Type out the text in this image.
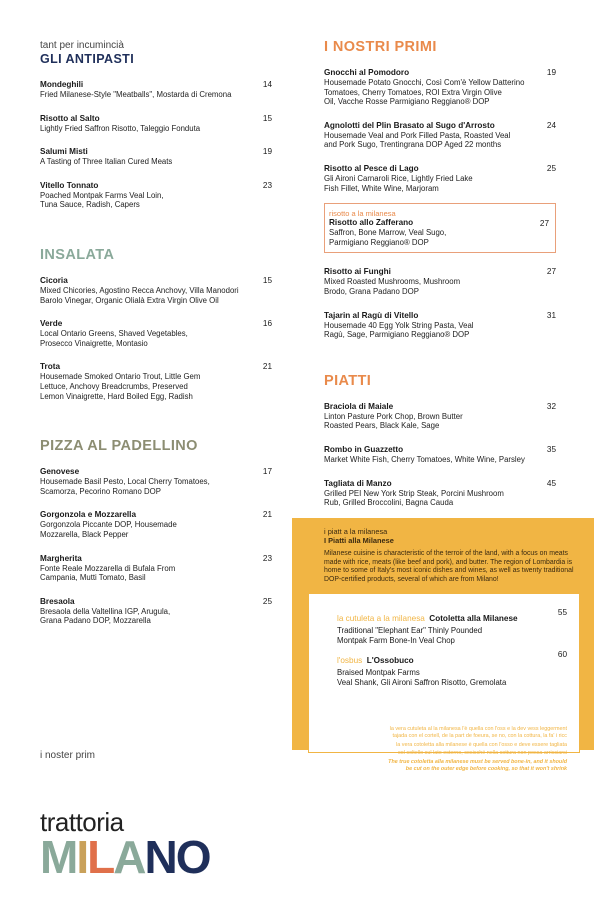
tant per incumincià
GLI ANTIPASTI
Mondeghili
Fried Milanese-Style "Meatballs", Mostarda di Cremona
14
Risotto al Salto
Lightly Fried Saffron Risotto, Taleggio Fonduta
15
Salumi Misti
A Tasting of Three Italian Cured Meats
19
Vitello Tonnato
Poached Montpak Farms Veal Loin,
Tuna Sauce, Radish, Capers
23
INSALATA
Cicoria
Mixed Chicories, Agostino Recca Anchovy, Villa Manodori
Barolo Vinegar, Organic Olialà Extra Virgin Olive Oil
15
Verde
Local Ontario Greens, Shaved Vegetables,
Prosecco Vinaigrette, Montasio
16
Trota
Housemade Smoked Ontario Trout, Little Gem
Lettuce, Anchovy Breadcrumbs, Preserved
Lemon Vinaigrette, Hard Boiled Egg, Radish
21
PIZZA AL PADELLINO
Genovese
Housemade Basil Pesto, Local Cherry Tomatoes,
Scamorza, Pecorino Romano DOP
17
Gorgonzola e Mozzarella
Gorgonzola Piccante DOP, Housemade
Mozzarella, Black Pepper
21
Margherita
Fonte Reale Mozzarella di Bufala From
Campania, Mutti Tomato, Basil
23
Bresaola
Bresaola della Valtellina IGP, Arugula,
Grana Padano DOP, Mozzarella
25
I NOSTRI PRIMI
Gnocchi al Pomodoro
Housemade Potato Gnocchi, Così Com'è Yellow Datterino
Tomatoes, Cherry Tomatoes, ROI Extra Virgin Olive
Oil, Vacche Rosse Parmigiano Reggiano® DOP
19
Agnolotti del Plin Brasato al Sugo d'Arrosto
Housemade Veal and Pork Filled Pasta, Roasted Veal
and Pork Sugo, Trentingrana DOP Aged 22 months
24
Risotto al Pesce di Lago
Gli Aironi Carnaroli Rice, Lightly Fried Lake
Fish Fillet, White Wine, Marjoram
25
risotto a la milanesa
Risotto allo Zafferano
Saffron, Bone Marrow, Veal Sugo,
Parmigiano Reggiano® DOP
27
Risotto ai Funghi
Mixed Roasted Mushrooms, Mushroom
Brodo, Grana Padano DOP
27
Tajarin al Ragù di Vitello
Housemade 40 Egg Yolk String Pasta, Veal
Ragù, Sage, Parmigiano Reggiano® DOP
31
PIATTI
Braciola di Maiale
Linton Pasture Pork Chop, Brown Butter
Roasted Pears, Black Kale, Sage
32
Rombo in Guazzetto
Market White Fish, Cherry Tomatoes, White Wine, Parsley
35
Tagliata di Manzo
Grilled PEI New York Strip Steak, Porcini Mushroom
Rub, Grilled Broccolini, Bagna Cauda
45
i piatt a la milanesa
I Piatti alla Milanese
Milanese cuisine is characteristic of the terroir of the land, with a focus on meats
made with rice, meats (like beef and pork), and butter. The region of Lombardia is
home to some of Italy's most iconic dishes and wines, as well as twenty traditional
DOP-certified products, several of which are from Milano!
la cutuleta a la milanesa Cotoletta alla Milanese
Traditional "Elephant Ear" Thinly Pounded
Montpak Farm Bone-In Veal Chop
55
l'osbus L'Ossobuco
Braised Montpak Farms
Veal Shank, Gli Aironi Saffron Risotto, Gremolata
60
la vera cutuleta al la milanesa l'è quella con l'oss e la dev vess leggerment
tajada con el cortell, de la part de foeura, se no, con la cottura, la fa' i ricc
la vera cotoletta alla milanese è quella con l'osso e deve essere tagliata
col coltello sul lato esterno, cosicché nella cottura non possa arricciarsi
The true cotoletta alla milanese must be served bone-in, and it should
be cut on the outer edge before cooking, so that it won't shrink
i noster prim
trattoria
MILANO
